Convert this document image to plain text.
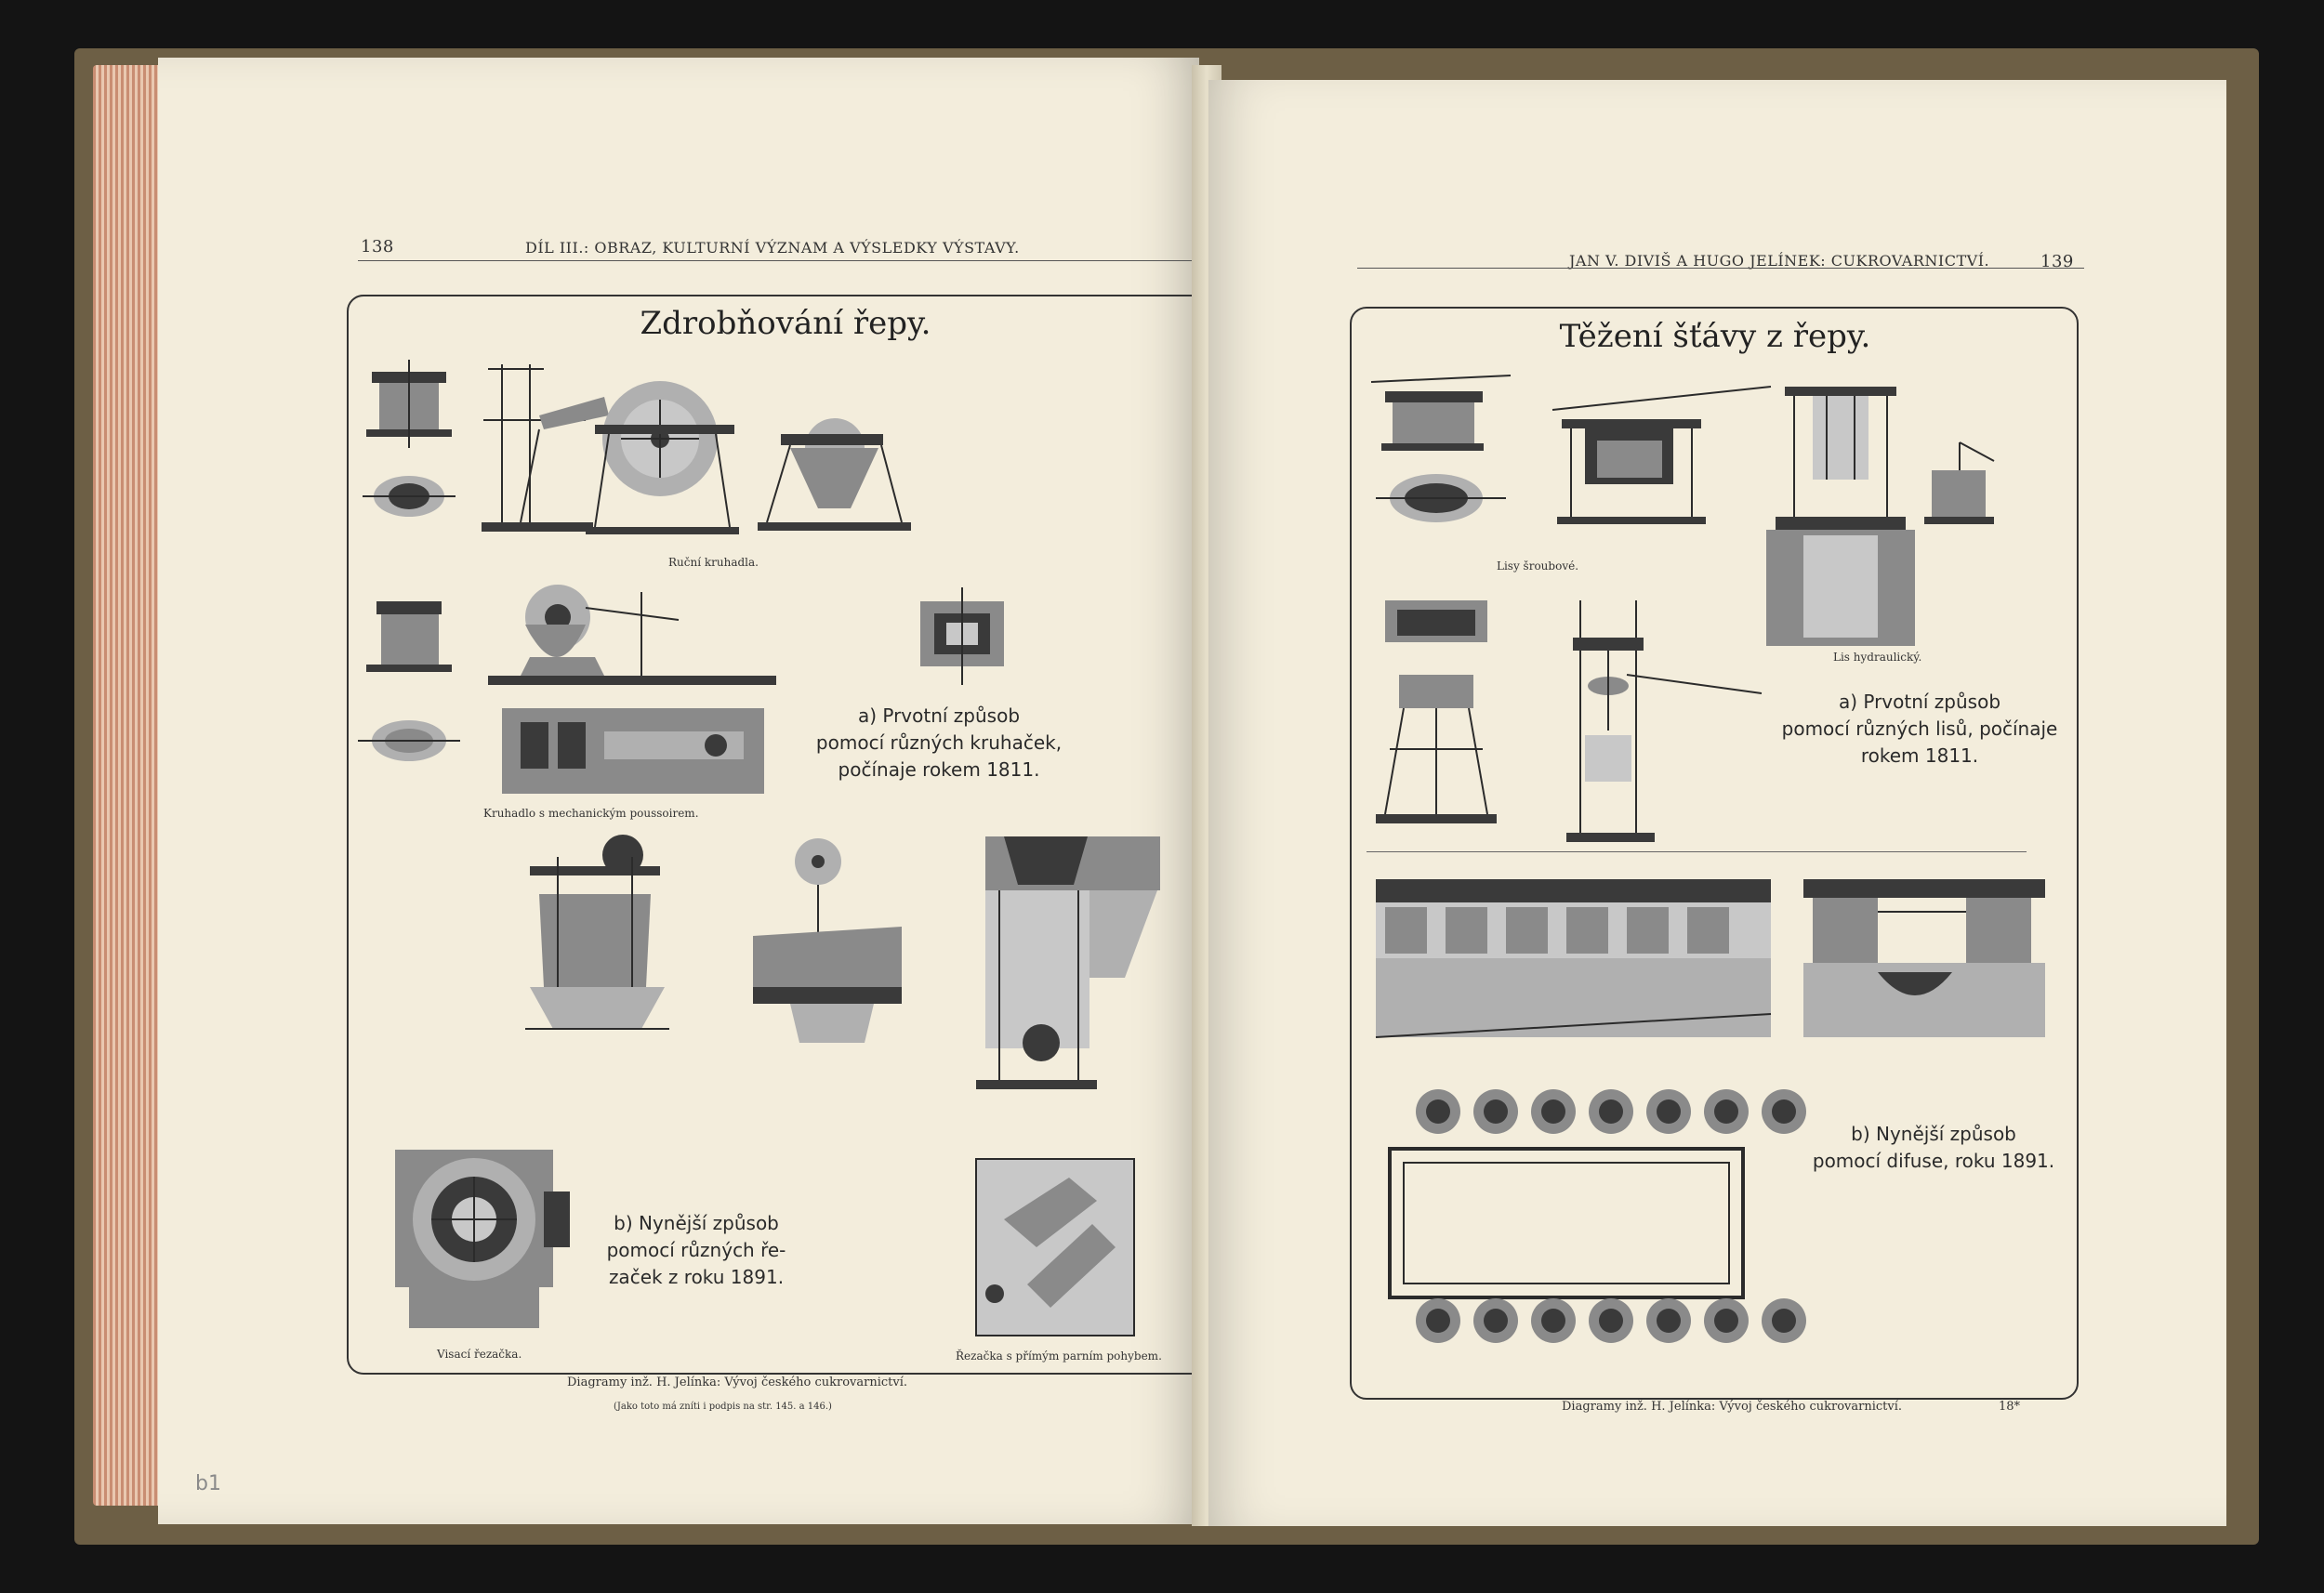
138	DÍL III.: OBRAZ, KULTURNÍ VÝZNAM A VÝSLEDKY VÝSTAVY.
Zdrobňování řepy.
Ruční kruhadla.
Kruhadlo s mechanickým poussoirem.
a) Prvotní způsob
pomocí různých kruhaček,
počínaje rokem 1811.
b) Nynější způsob
pomocí různých ře-
začek z roku 1891.
Visací řezačka.	Řezačka s přímým parním pohybem.
Diagramy inž. H. Jelínka: Vývoj českého cukrovarnictví.
(Jako toto má zníti i podpis na str. 145. a 146.)
b1
JAN V. DIVIŠ A HUGO JELÍNEK: CUKROVARNICTVÍ.	139
Těžení šťávy z řepy.
Lisy šroubové.
Lis hydraulický.
a) Prvotní způsob
pomocí různých lisů, počínaje
rokem 1811.
b) Nynější způsob
pomocí difuse, roku 1891.
Diagramy inž. H. Jelínka: Vývoj českého cukrovarnictví.	18*
